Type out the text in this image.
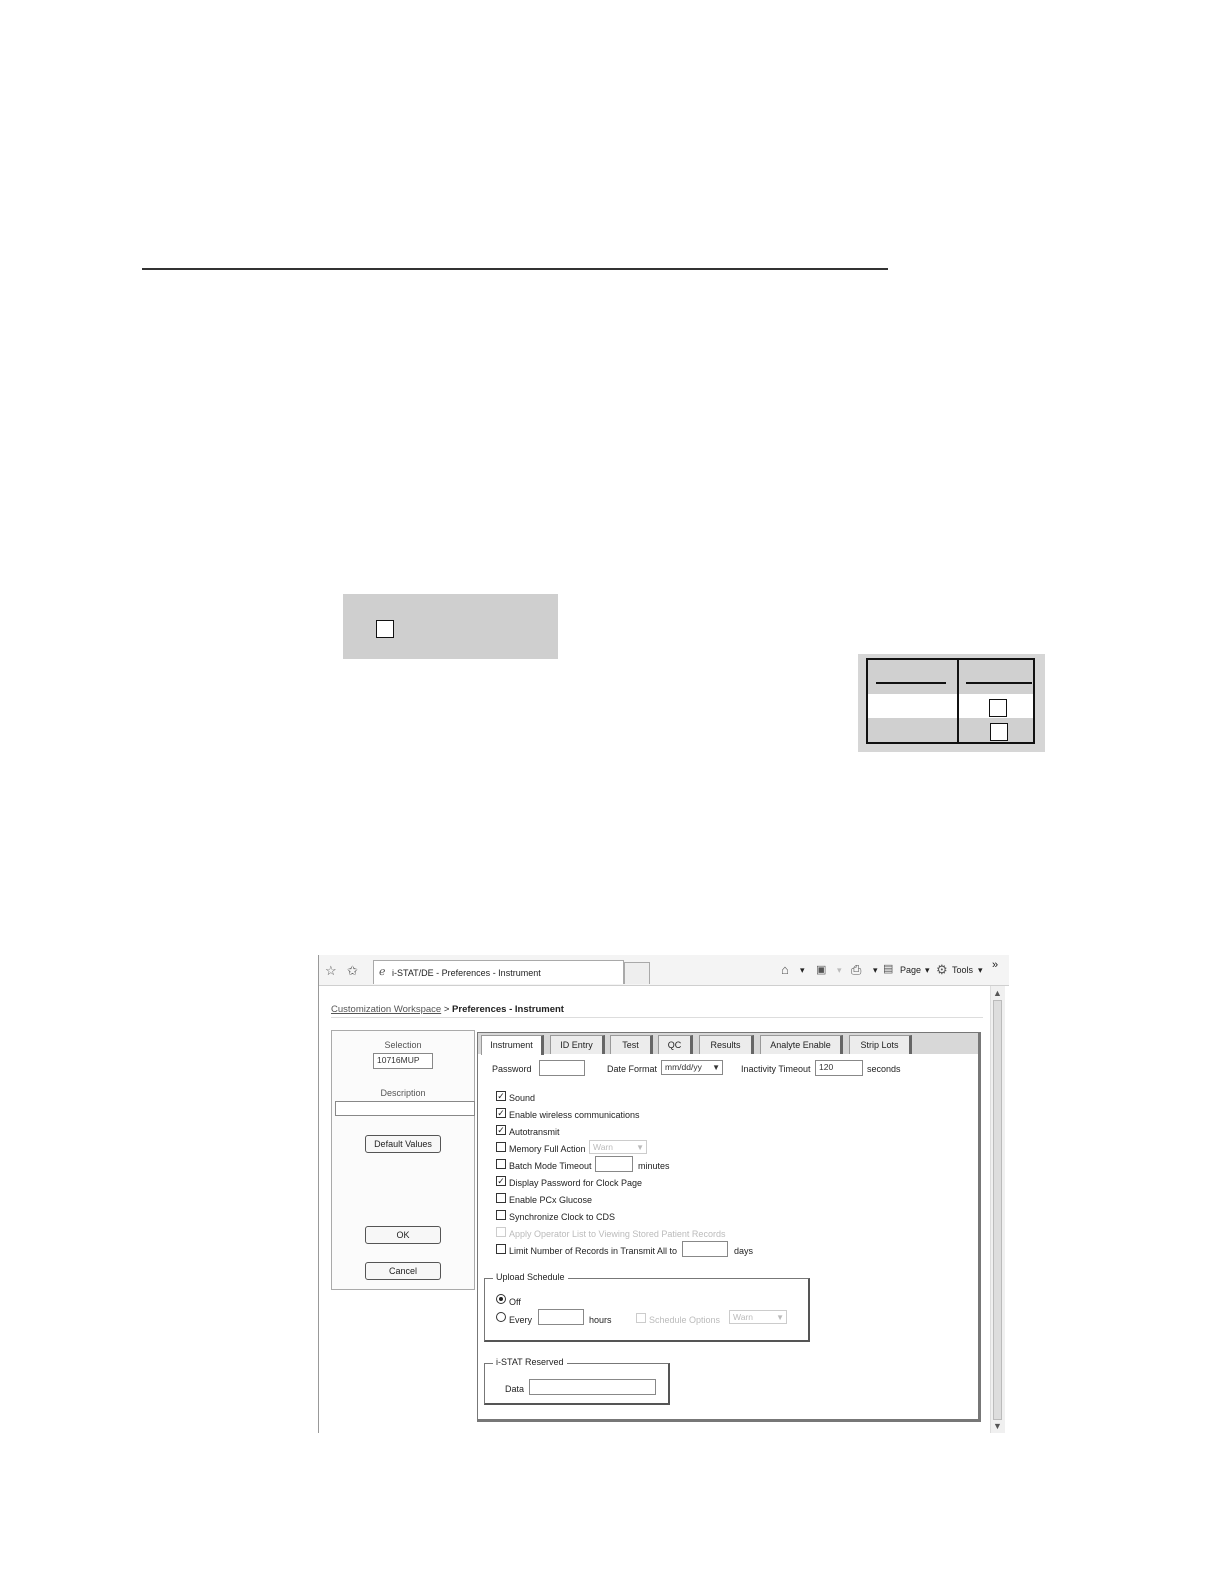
☆ ✩ ℯ i-STAT/DE - Preferences - Instrument	⌂ ▾ ▣ ▾ ⎙ ▾ ▤ Page ▾ ⚙ Tools ▾ »
▲
▼
Customization Workspace > Preferences - Instrument
Selection
10716MUP
Description
Default Values
OK
Cancel
Instrument	ID Entry	Test	QC	Results	Analyte Enable	Strip Lots
Password	Date Format mm/dd/yy ▼ Inactivity Timeout 120	seconds
✓ Sound
✓ Enable wireless communications
✓ Autotransmit
Memory Full Action Warn	▼
Batch Mode Timeout	minutes
✓ Display Password for Clock Page
Enable PCx Glucose
Synchronize Clock to CDS
Apply Operator List to Viewing Stored Patient Records
Limit Number of Records in Transmit All to	days
Upload Schedule
Off
Every	hours	Schedule Options	Warn	▼
i-STAT Reserved
Data
